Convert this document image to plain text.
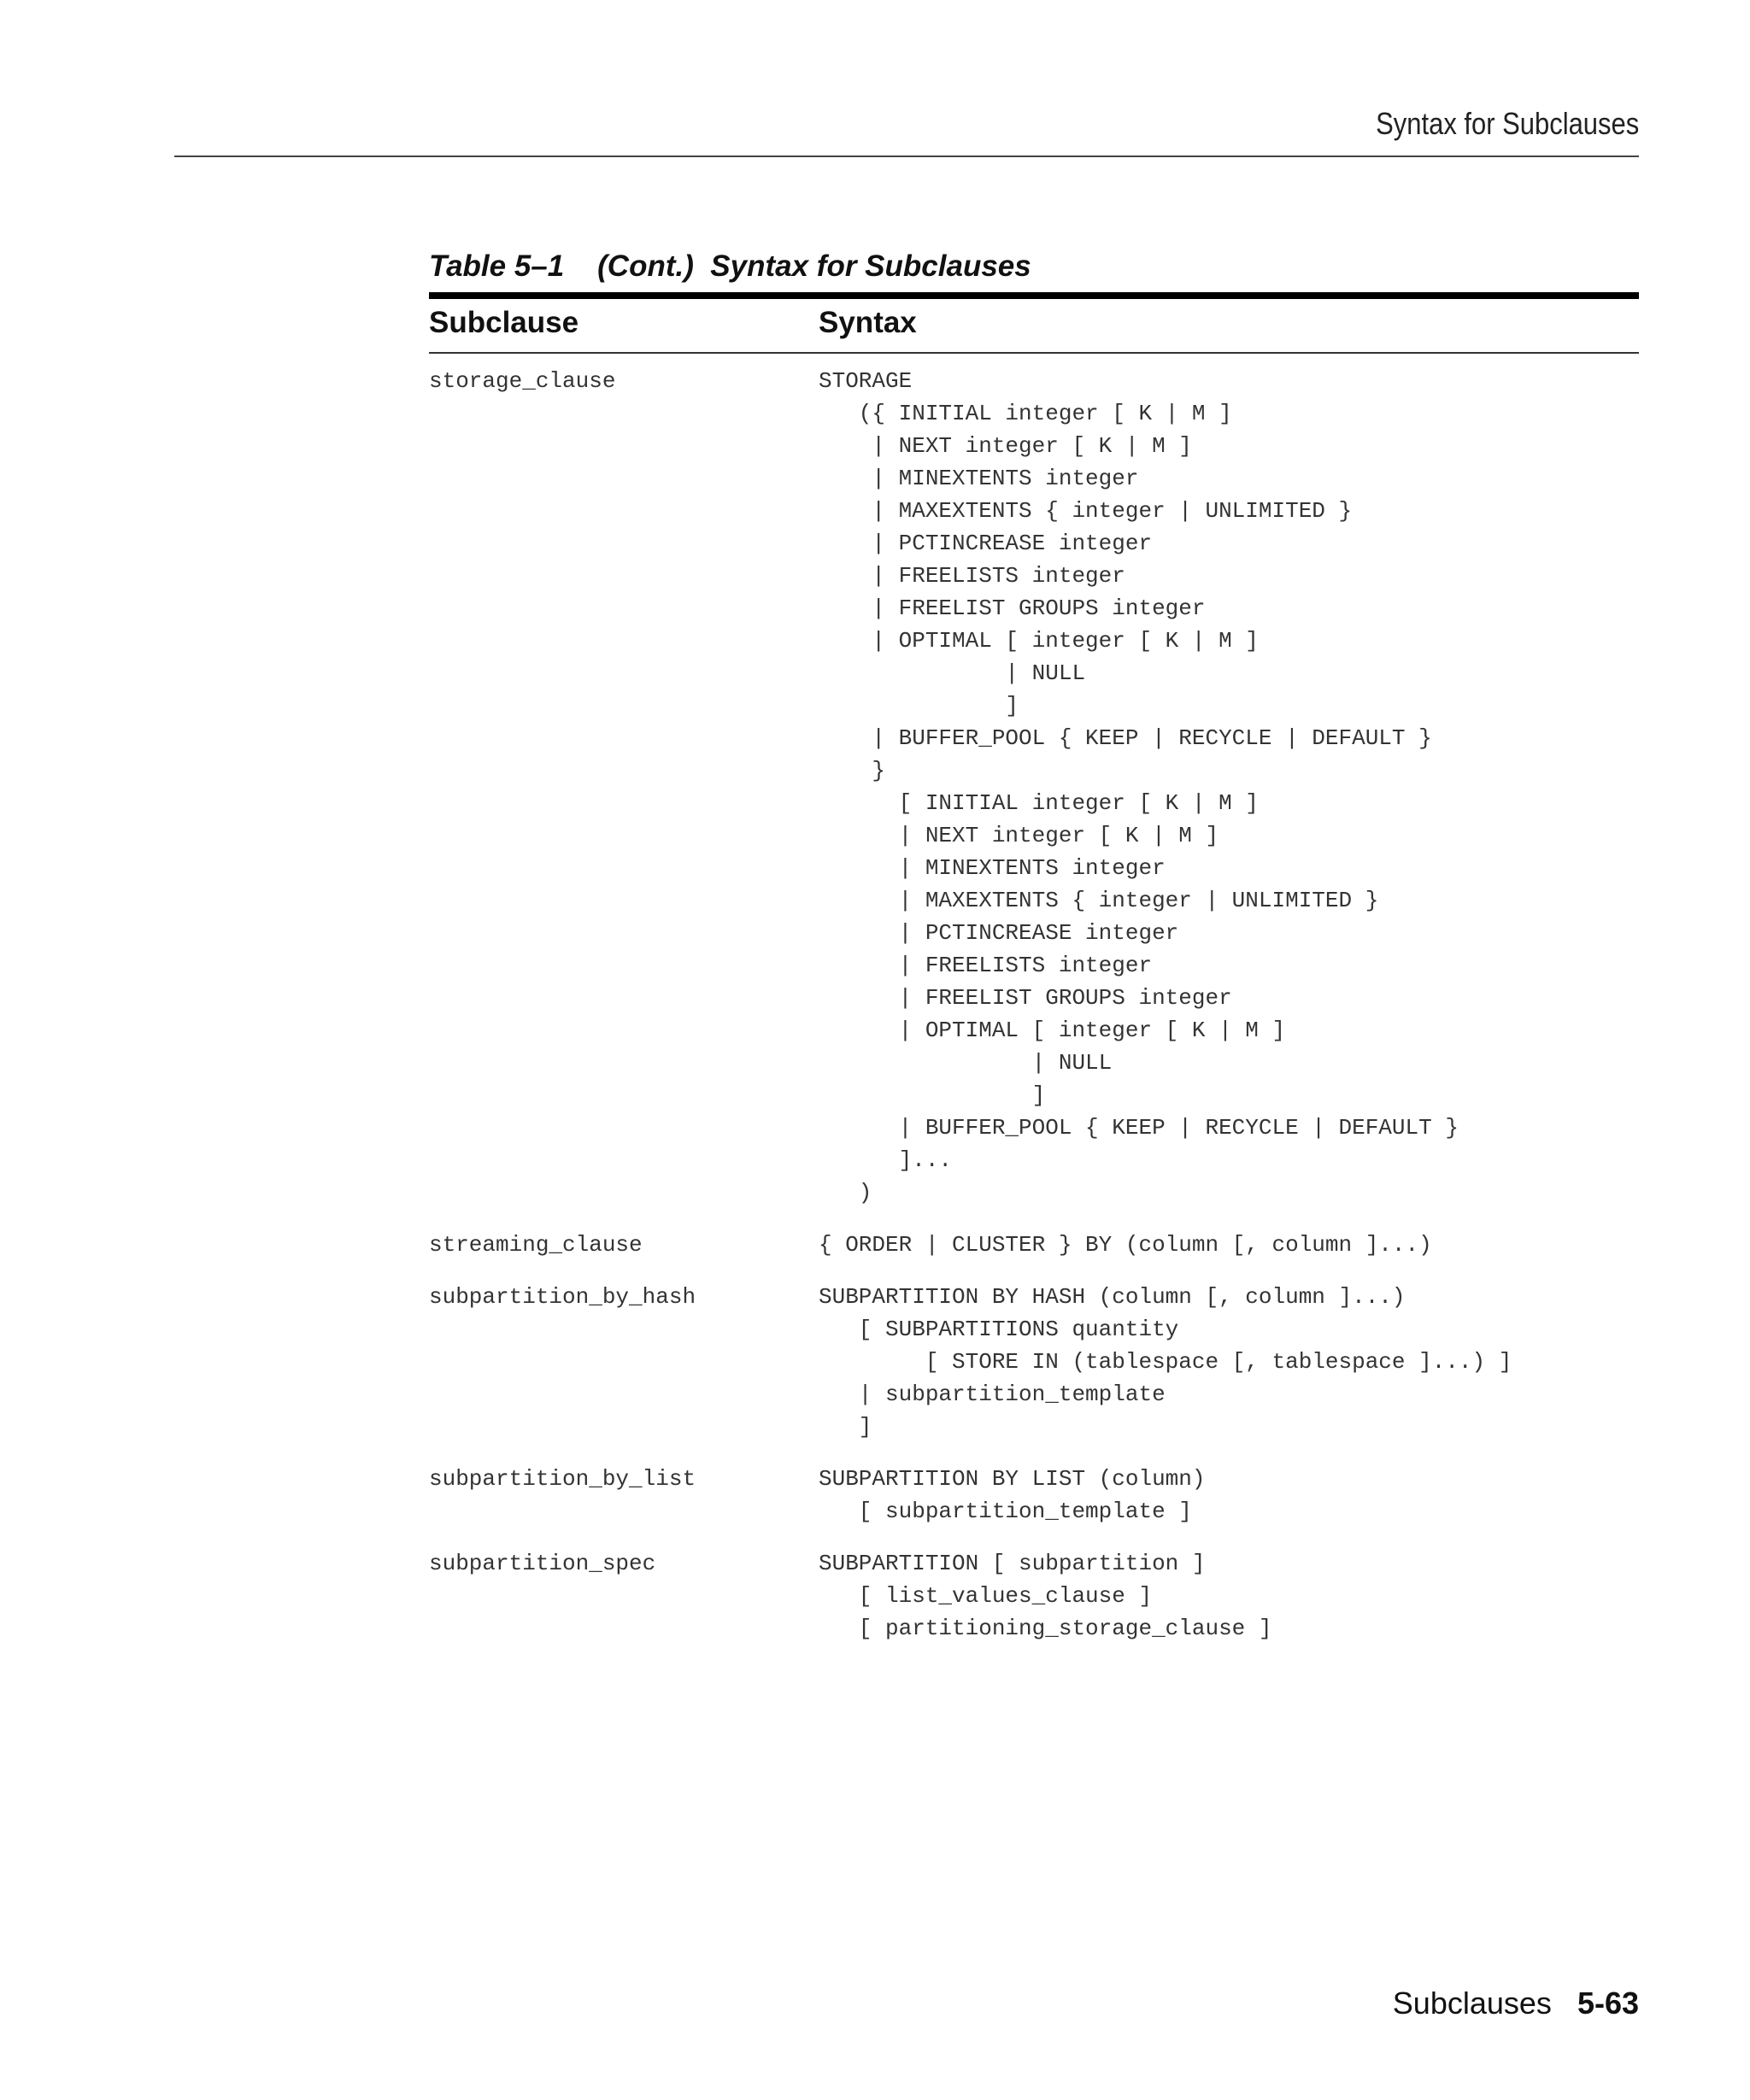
Syntax for Subclauses
Table 5–1    (Cont.)  Syntax for Subclauses
Subclause	Syntax
storage_clause	STORAGE
({ INITIAL integer [ K | M ]
| NEXT integer [ K | M ]
| MINEXTENTS integer
| MAXEXTENTS { integer | UNLIMITED }
| PCTINCREASE integer
| FREELISTS integer
| FREELIST GROUPS integer
| OPTIMAL [ integer [ K | M ]
| NULL
]
| BUFFER_POOL { KEEP | RECYCLE | DEFAULT }
}
[ INITIAL integer [ K | M ]
| NEXT integer [ K | M ]
| MINEXTENTS integer
| MAXEXTENTS { integer | UNLIMITED }
| PCTINCREASE integer
| FREELISTS integer
| FREELIST GROUPS integer
| OPTIMAL [ integer [ K | M ]
| NULL
]
| BUFFER_POOL { KEEP | RECYCLE | DEFAULT }
]...
)
streaming_clause	{ ORDER | CLUSTER } BY (column [, column ]...)
subpartition_by_hash	SUBPARTITION BY HASH (column [, column ]...)
[ SUBPARTITIONS quantity
[ STORE IN (tablespace [, tablespace ]...) ]
| subpartition_template
]
subpartition_by_list	SUBPARTITION BY LIST (column)
[ subpartition_template ]
subpartition_spec	SUBPARTITION [ subpartition ]
[ list_values_clause ]
[ partitioning_storage_clause ]
Subclauses 5-63
